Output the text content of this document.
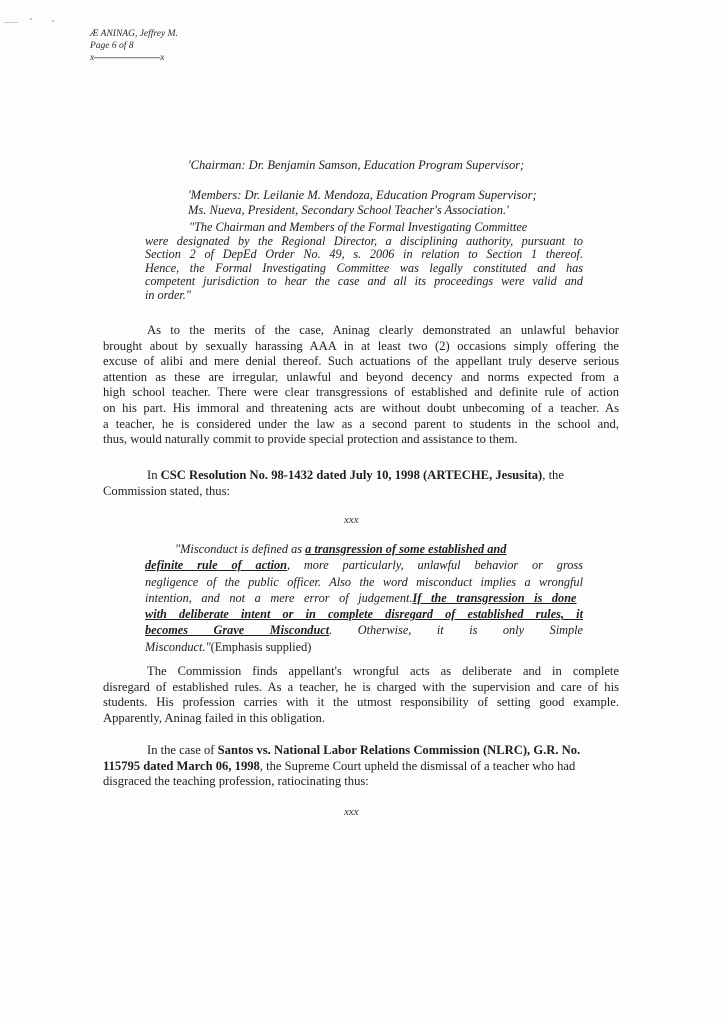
Æ ANINAG, Jeffrey M.
Page 6 of 8
x-------------------------x
'Chairman: Dr. Benjamin Samson, Education Program Supervisor;
'Members: Dr. Leilanie M. Mendoza, Education Program Supervisor;
Ms. Nueva, President, Secondary School Teacher's Association.'
"The Chairman and Members of the Formal Investigating Committee
were designated by the Regional Director, a disciplining authority, pursuant to
Section 2 of DepEd Order No. 49, s. 2006 in relation to Section 1 thereof.
Hence, the Formal Investigating Committee was legally constituted and has
competent jurisdiction to hear the case and all its proceedings were valid and
in order."
As to the merits of the case, Aninag clearly demonstrated an unlawful behavior
brought about by sexually harassing AAA in at least two (2) occasions simply offering the
excuse of alibi and mere denial thereof. Such actuations of the appellant truly deserve serious
attention as these are irregular, unlawful and beyond decency and norms expected from a
high school teacher. There were clear transgressions of established and definite rule of action
on his part. His immoral and threatening acts are without doubt unbecoming of a teacher. As
a teacher, he is considered under the law as a second parent to students in the school and,
thus, would naturally commit to provide special protection and assistance to them.
In CSC Resolution No. 98-1432 dated July 10, 1998 (ARTECHE, Jesusita), the
Commission stated, thus:
xxx
"Misconduct is defined as a transgression of some established and
definite rule of action, more particularly, unlawful behavior or gross
negligence of the public officer. Also the word misconduct implies a wrongful
intention, and not a mere error of judgement.If the transgression is done
with deliberate intent or in complete disregard of established rules, it
becomes Grave Misconduct. Otherwise, it is only Simple
Misconduct."(Emphasis supplied)
The Commission finds appellant's wrongful acts as deliberate and in complete
disregard of established rules. As a teacher, he is charged with the supervision and care of his
students. His profession carries with it the utmost responsibility of setting good example.
Apparently, Aninag failed in this obligation.
In the case of Santos vs. National Labor Relations Commission (NLRC), G.R. No.
115795 dated March 06, 1998, the Supreme Court upheld the dismissal of a teacher who had
disgraced the teaching profession, ratiocinating thus:
xxx
